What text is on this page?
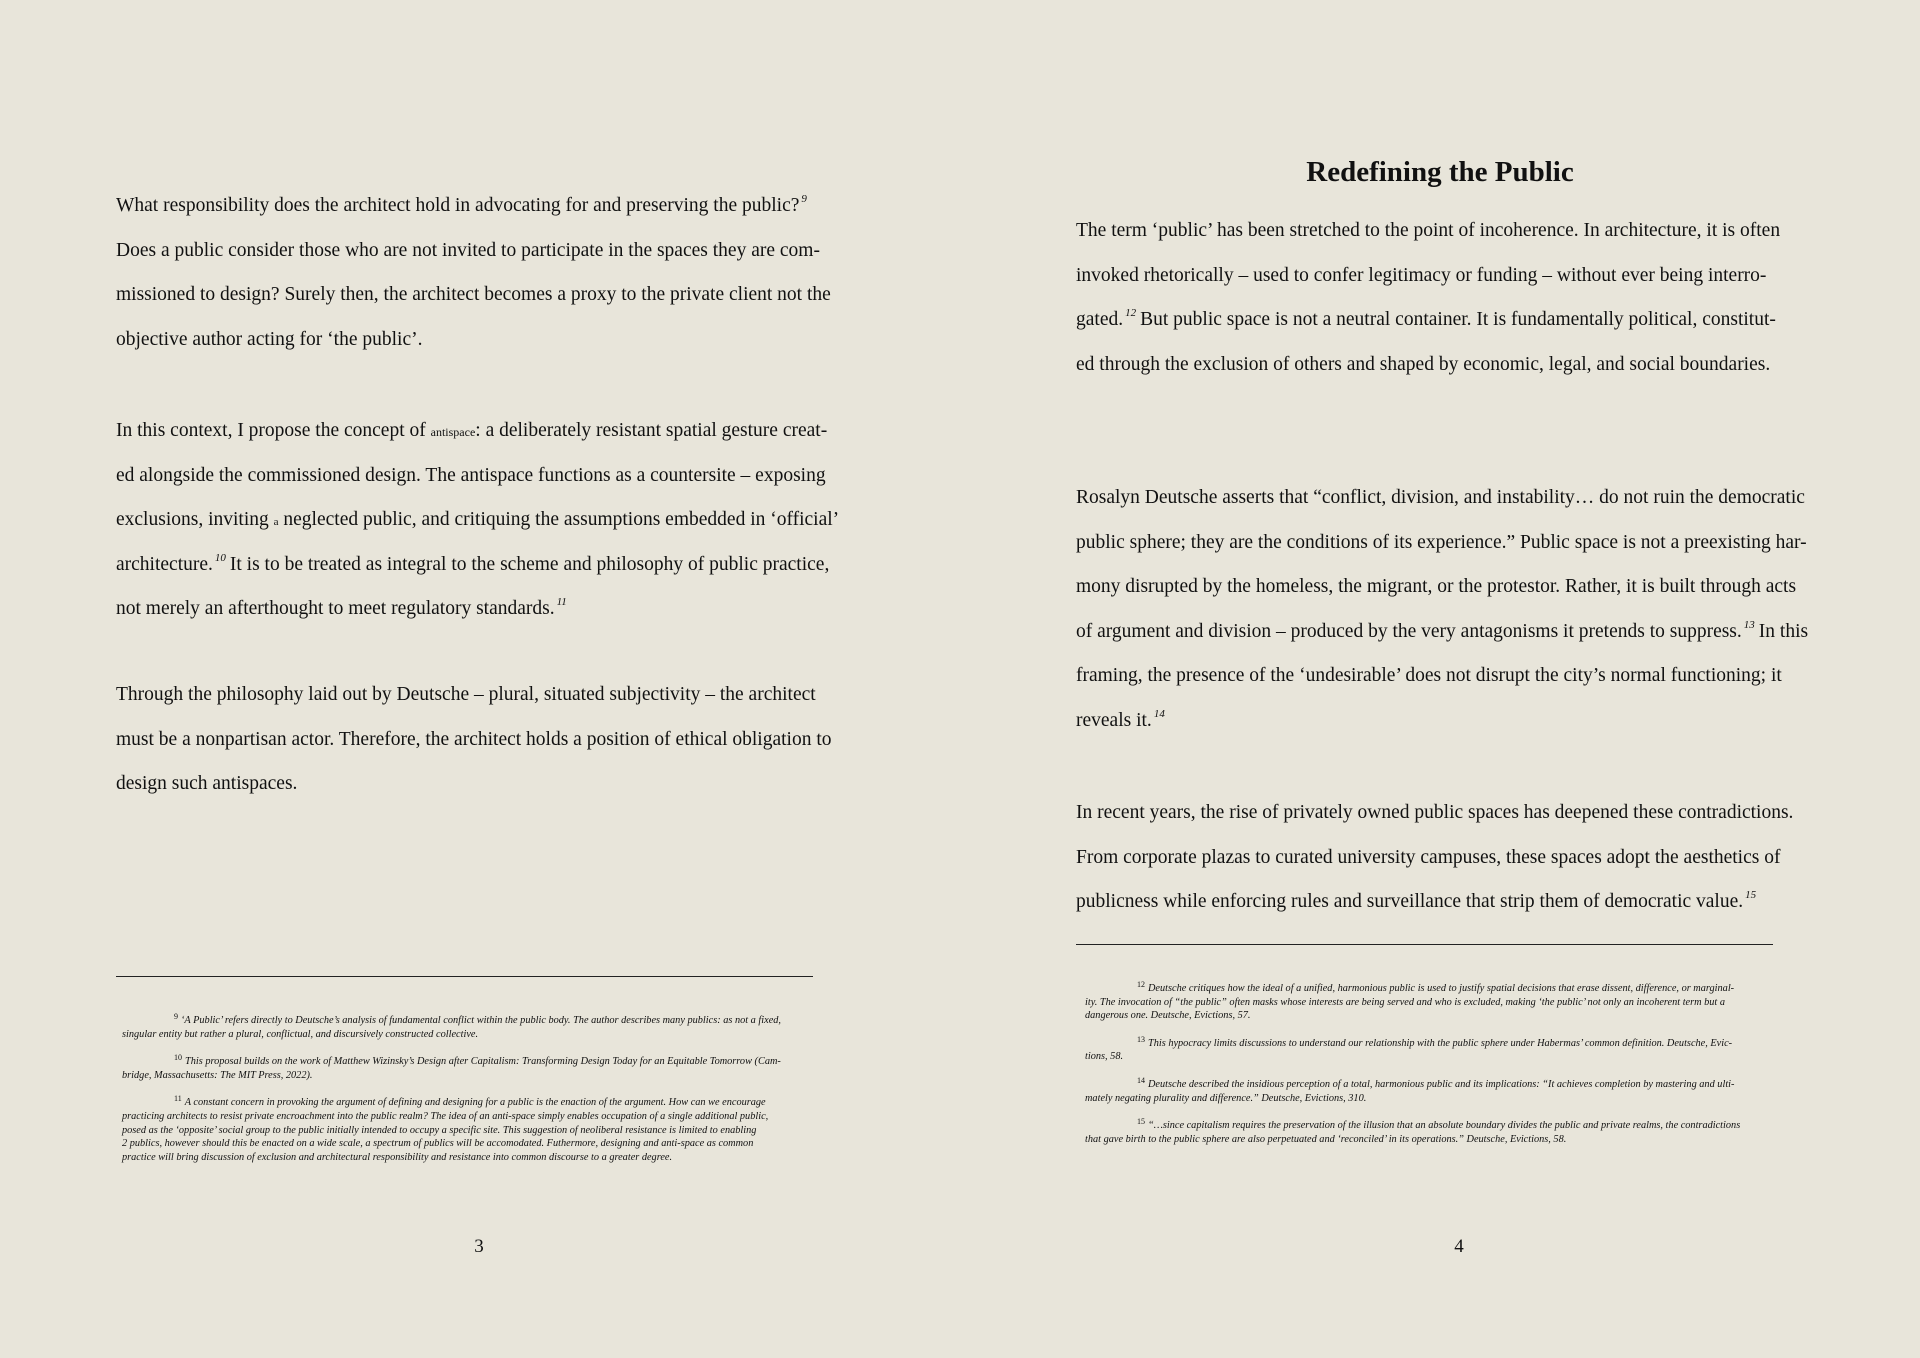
What responsibility does the architect hold in advocating for and preserving the public? $^9$
Does a public consider those who are not invited to participate in the spaces they are com-
missioned to design? Surely then, the architect becomes a proxy to the private client not the
objective author acting for ‘the public’.

In this context, I propose the concept of antispace: a deliberately resistant spatial gesture creat-
ed alongside the commissioned design. The antispace functions as a countersite – exposing
exclusions, inviting a neglected public, and critiquing the assumptions embedded in ‘official’
architecture. $^{10}$ It is to be treated as integral to the scheme and philosophy of public practice,
not merely an afterthought to meet regulatory standards. $^{11}$

Through the philosophy laid out by Deutsche – plural, situated subjectivity – the architect
must be a nonpartisan actor. Therefore, the architect holds a position of ethical obligation to
design such antispaces.

$^9$ ‘A Public’ refers directly to Deutsche’s analysis of fundamental conflict within the public body. The author describes many publics: as not a fixed,
singular entity but rather a plural, conflictual, and discursively constructed collective.
$^{10}$ This proposal builds on the work of Matthew Wizinsky’s Design after Capitalism: Transforming Design Today for an Equitable Tomorrow (Cam-
bridge, Massachusetts: The MIT Press, 2022).
$^{11}$ A constant concern in provoking the argument of defining and designing for a public is the enaction of the argument. How can we encourage
practicing architects to resist private encroachment into the public realm? The idea of an anti-space simply enables occupation of a single additional public,
posed as the ‘opposite’ social group to the public initially intended to occupy a specific site. This suggestion of neoliberal resistance is limited to enabling
2 publics, however should this be enacted on a wide scale, a spectrum of publics will be accomodated. Futhermore, designing and anti-space as common
practice will bring discussion of exclusion and architectural responsibility and resistance into common discourse to a greater degree.
3
Redefining the Public

The term ‘public’ has been stretched to the point of incoherence. In architecture, it is often
invoked rhetorically – used to confer legitimacy or funding – without ever being interro-
gated. $^{12}$ But public space is not a neutral container. It is fundamentally political, constitut-
ed through the exclusion of others and shaped by economic, legal, and social boundaries.

Rosalyn Deutsche asserts that “conflict, division, and instability… do not ruin the democratic
public sphere; they are the conditions of its experience.” Public space is not a preexisting har-
mony disrupted by the homeless, the migrant, or the protestor. Rather, it is built through acts
of argument and division – produced by the very antagonisms it pretends to suppress. $^{13}$ In this
framing, the presence of the ‘undesirable’ does not disrupt the city’s normal functioning; it
reveals it. $^{14}$

In recent years, the rise of privately owned public spaces has deepened these contradictions.
From corporate plazas to curated university campuses, these spaces adopt the aesthetics of
publicness while enforcing rules and surveillance that strip them of democratic value. $^{15}$

$^{12}$ Deutsche critiques how the ideal of a unified, harmonious public is used to justify spatial decisions that erase dissent, difference, or marginal-
ity. The invocation of “the public” often masks whose interests are being served and who is excluded, making ‘the public’ not only an incoherent term but a
dangerous one. Deutsche, Evictions, 57.
$^{13}$ This hypocracy limits discussions to understand our relationship with the public sphere under Habermas’ common definition. Deutsche, Evic-
tions, 58.
$^{14}$ Deutsche described the insidious perception of a total, harmonious public and its implications: “It achieves completion by mastering and ulti-
mately negating plurality and difference.” Deutsche, Evictions, 310.
$^{15}$ “…since capitalism requires the preservation of the illusion that an absolute boundary divides the public and private realms, the contradictions
that gave birth to the public sphere are also perpetuated and ‘reconciled’ in its operations.” Deutsche, Evictions, 58.
4
